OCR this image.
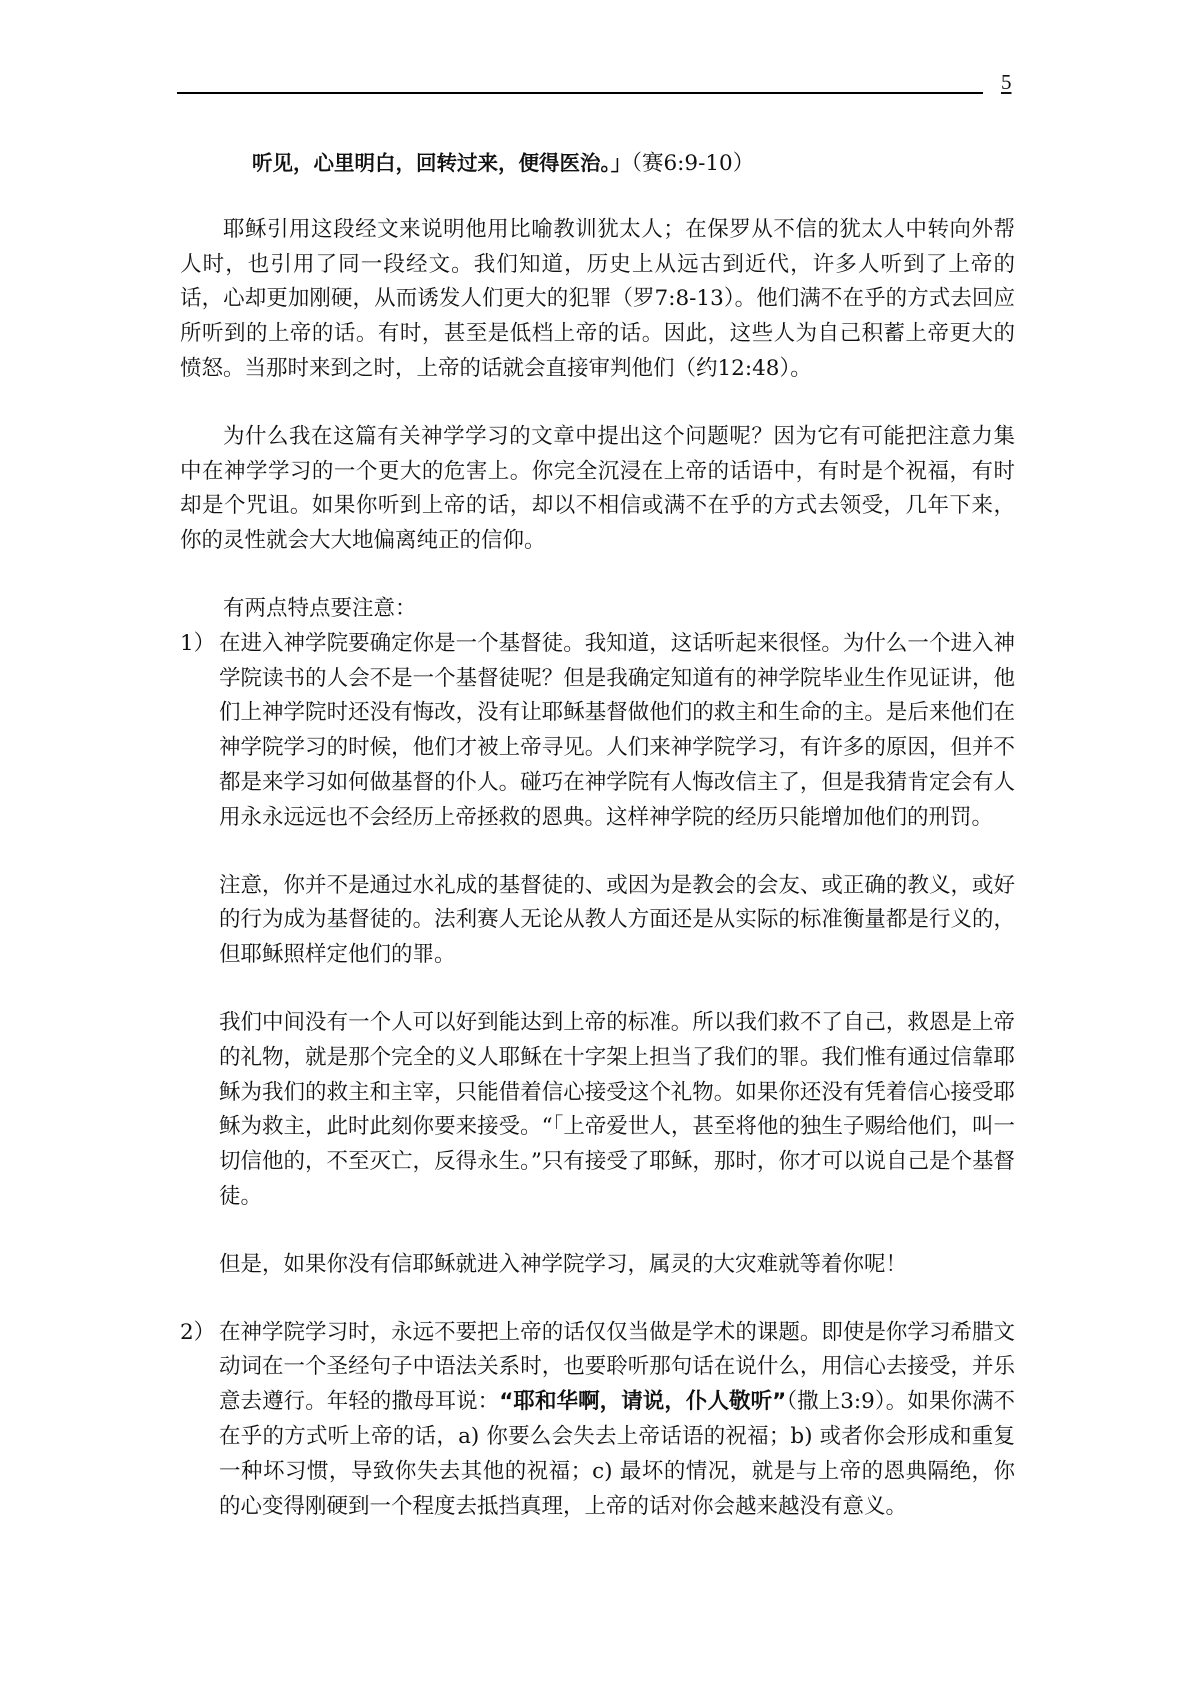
5

听见，心里明白，回转过来，便得医治。」（赛6:9-10）

耶稣引用这段经文来说明他用比喻教训犹太人；在保罗从不信的犹太人中转向外帮人时，也引用了同一段经文。我们知道，历史上从远古到近代，许多人听到了上帝的话，心却更加刚硬，从而诱发人们更大的犯罪（罗7:8-13）。他们满不在乎的方式去回应所听到的上帝的话。有时，甚至是低档上帝的话。因此，这些人为自己积蓄上帝更大的愤怒。当那时来到之时，上帝的话就会直接审判他们（约12:48）。

为什么我在这篇有关神学学习的文章中提出这个问题呢？因为它有可能把注意力集中在神学学习的一个更大的危害上。你完全沉浸在上帝的话语中，有时是个祝福，有时却是个咒诅。如果你听到上帝的话，却以不相信或满不在乎的方式去领受，几年下来，你的灵性就会大大地偏离纯正的信仰。

有两点特点要注意：

1） 在进入神学院要确定你是一个基督徒。我知道，这话听起来很怪。为什么一个进入神学院读书的人会不是一个基督徒呢？但是我确定知道有的神学院毕业生作见证讲，他们上神学院时还没有悔改，没有让耶稣基督做他们的救主和生命的主。是后来他们在神学院学习的时候，他们才被上帝寻见。人们来神学院学习，有许多的原因，但并不都是来学习如何做基督的仆人。碰巧在神学院有人悔改信主了，但是我猜肯定会有人用永永远远也不会经历上帝拯救的恩典。这样神学院的经历只能增加他们的刑罚。

注意，你并不是通过水礼成的基督徒的、或因为是教会的会友、或正确的教义，或好的行为成为基督徒的。法利赛人无论从教人方面还是从实际的标准衡量都是行义的，但耶稣照样定他们的罪。

我们中间没有一个人可以好到能达到上帝的标准。所以我们救不了自己，救恩是上帝的礼物，就是那个完全的义人耶稣在十字架上担当了我们的罪。我们惟有通过信靠耶稣为我们的救主和主宰，只能借着信心接受这个礼物。如果你还没有凭着信心接受耶稣为救主，此时此刻你要来接受。“「上帝爱世人，甚至将他的独生子赐给他们，叫一切信他的，不至灭亡，反得永生。”只有接受了耶稣，那时，你才可以说自己是个基督徒。

但是，如果你没有信耶稣就进入神学院学习，属灵的大灾难就等着你呢！

2） 在神学院学习时，永远不要把上帝的话仅仅当做是学术的课题。即使是你学习希腊文动词在一个圣经句子中语法关系时，也要聆听那句话在说什么，用信心去接受，并乐意去遵行。年轻的撒母耳说：“耶和华啊，请说，仆人敬听”（撒上3:9）。如果你满不在乎的方式听上帝的话，a) 你要么会失去上帝话语的祝福；b) 或者你会形成和重复一种坏习惯，导致你失去其他的祝福；c) 最坏的情况，就是与上帝的恩典隔绝，你的心变得刚硬到一个程度去抵挡真理，上帝的话对你会越来越没有意义。
